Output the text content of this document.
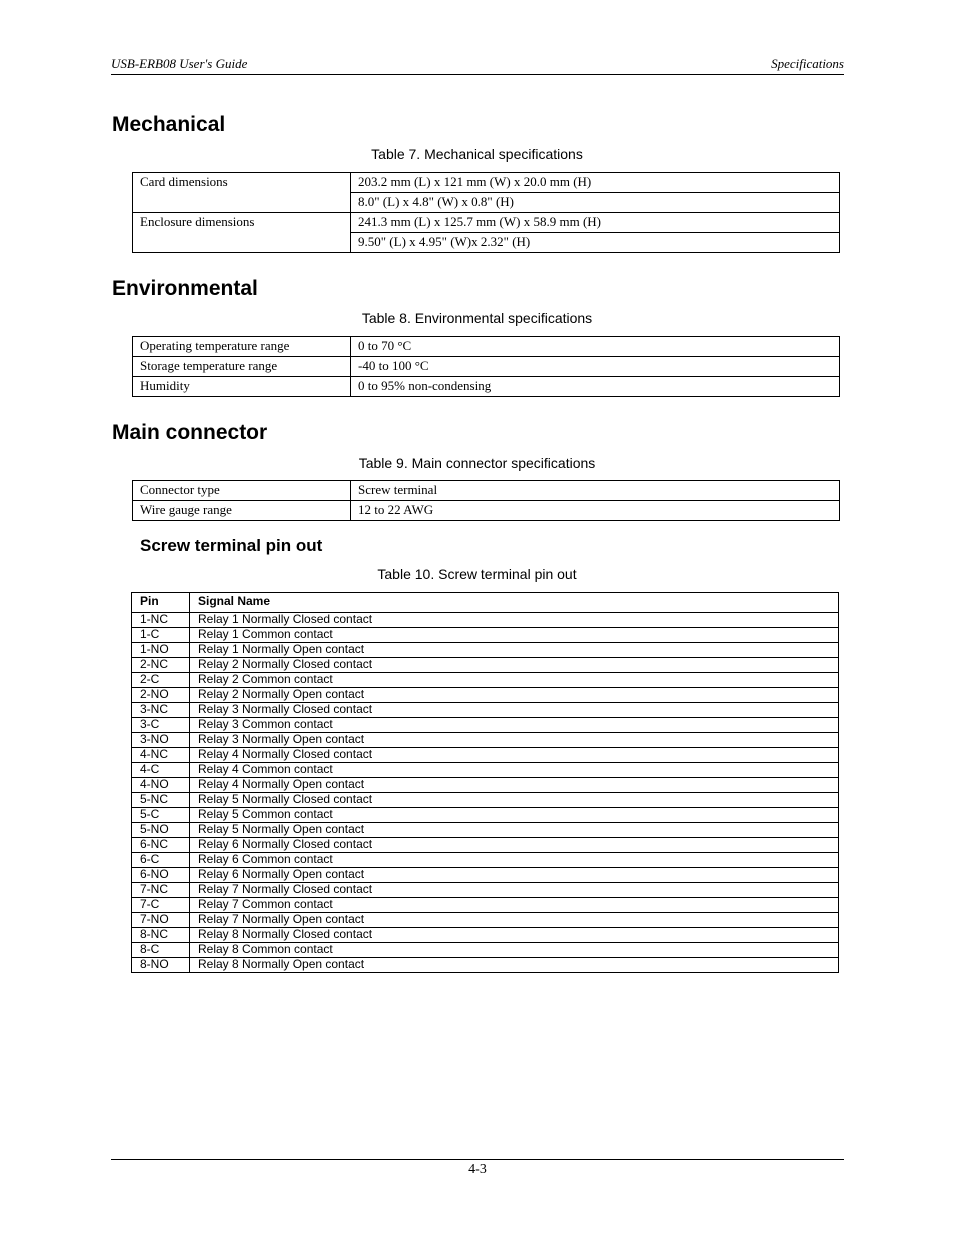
USB-ERB08 User's Guide	Specifications
Mechanical
Table 7. Mechanical specifications
Card dimensions	203.2 mm (L) x 121 mm (W) x 20.0 mm (H)
	8.0" (L) x 4.8" (W) x 0.8" (H)
Enclosure dimensions	241.3 mm (L) x 125.7 mm (W) x 58.9 mm (H)
	9.50" (L) x 4.95" (W)x 2.32" (H)
Environmental
Table 8. Environmental specifications
Operating temperature range	0 to 70 °C
Storage temperature range	-40 to 100 °C
Humidity	0 to 95% non-condensing
Main connector
Table 9. Main connector specifications
Connector type	Screw terminal
Wire gauge range	12 to 22 AWG
Screw terminal pin out
Table 10. Screw terminal pin out
Pin	Signal Name
1-NC	Relay 1 Normally Closed contact
1-C	Relay 1 Common contact
1-NO	Relay 1 Normally Open contact
2-NC	Relay 2 Normally Closed contact
2-C	Relay 2 Common contact
2-NO	Relay 2 Normally Open contact
3-NC	Relay 3 Normally Closed contact
3-C	Relay 3 Common contact
3-NO	Relay 3 Normally Open contact
4-NC	Relay 4 Normally Closed contact
4-C	Relay 4 Common contact
4-NO	Relay 4 Normally Open contact
5-NC	Relay 5 Normally Closed contact
5-C	Relay 5 Common contact
5-NO	Relay 5 Normally Open contact
6-NC	Relay 6 Normally Closed contact
6-C	Relay 6 Common contact
6-NO	Relay 6 Normally Open contact
7-NC	Relay 7 Normally Closed contact
7-C	Relay 7 Common contact
7-NO	Relay 7 Normally Open contact
8-NC	Relay 8 Normally Closed contact
8-C	Relay 8 Common contact
8-NO	Relay 8 Normally Open contact
4-3
